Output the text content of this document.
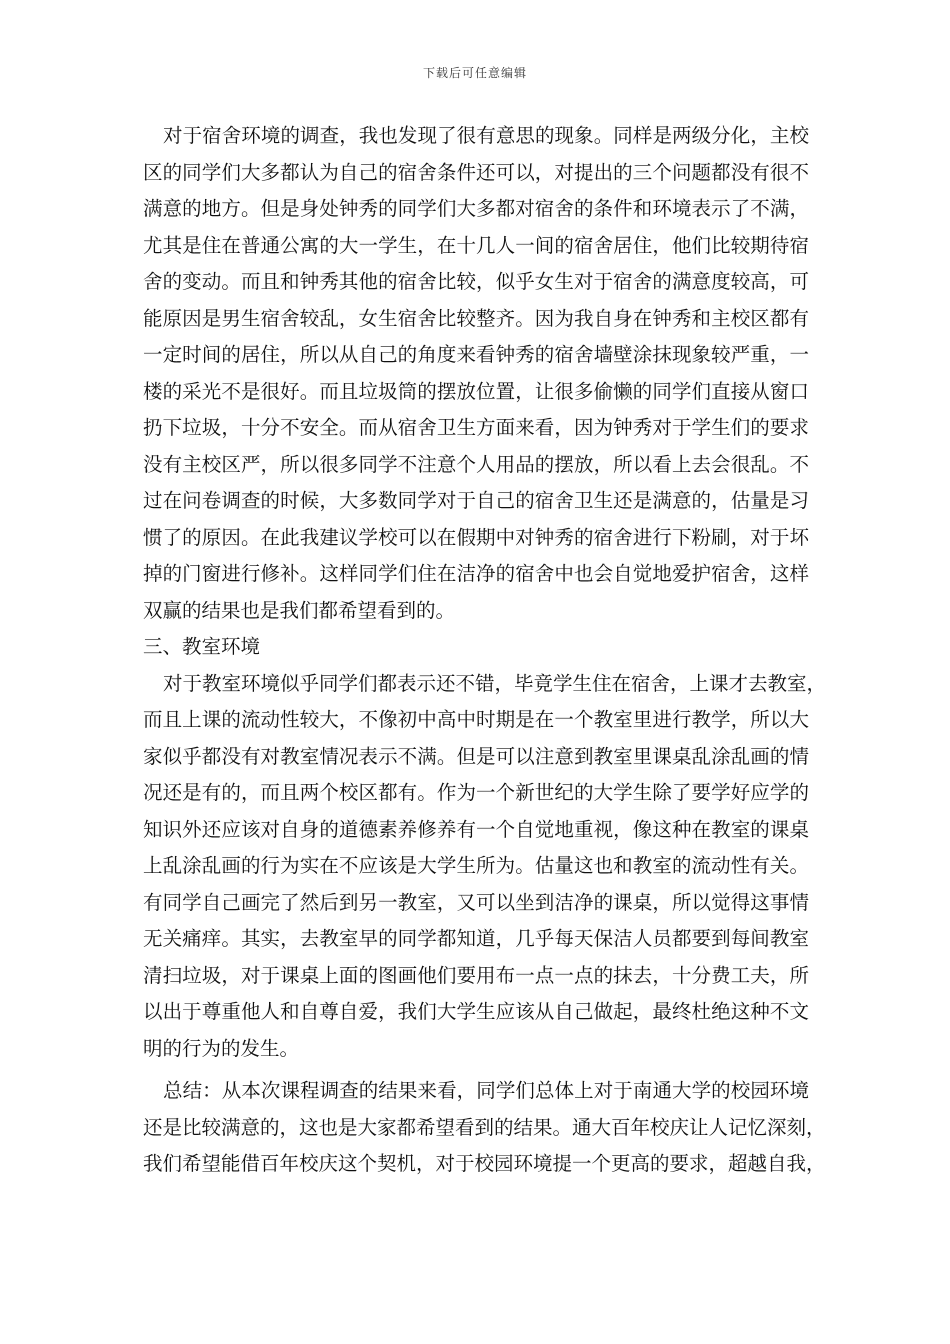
下载后可任意编辑
对于宿舍环境的调查，我也发现了很有意思的现象。同样是两级分化，主校
区的同学们大多都认为自己的宿舍条件还可以，对提出的三个问题都没有很不
满意的地方。但是身处钟秀的同学们大多都对宿舍的条件和环境表示了不满，
尤其是住在普通公寓的大一学生，在十几人一间的宿舍居住，他们比较期待宿
舍的变动。而且和钟秀其他的宿舍比较，似乎女生对于宿舍的满意度较高，可
能原因是男生宿舍较乱，女生宿舍比较整齐。因为我自身在钟秀和主校区都有
一定时间的居住，所以从自己的角度来看钟秀的宿舍墙壁涂抹现象较严重，一
楼的采光不是很好。而且垃圾筒的摆放位置，让很多偷懒的同学们直接从窗口
扔下垃圾，十分不安全。而从宿舍卫生方面来看，因为钟秀对于学生们的要求
没有主校区严，所以很多同学不注意个人用品的摆放，所以看上去会很乱。不
过在问卷调查的时候，大多数同学对于自己的宿舍卫生还是满意的，估量是习
惯了的原因。在此我建议学校可以在假期中对钟秀的宿舍进行下粉刷，对于坏
掉的门窗进行修补。这样同学们住在洁净的宿舍中也会自觉地爱护宿舍，这样
双赢的结果也是我们都希望看到的。
三、教室环境
对于教室环境似乎同学们都表示还不错，毕竟学生住在宿舍，上课才去教室，
而且上课的流动性较大，不像初中高中时期是在一个教室里进行教学，所以大
家似乎都没有对教室情况表示不满。但是可以注意到教室里课桌乱涂乱画的情
况还是有的，而且两个校区都有。作为一个新世纪的大学生除了要学好应学的
知识外还应该对自身的道德素养修养有一个自觉地重视，像这种在教室的课桌
上乱涂乱画的行为实在不应该是大学生所为。估量这也和教室的流动性有关。
有同学自己画完了然后到另一教室，又可以坐到洁净的课桌，所以觉得这事情
无关痛痒。其实，去教室早的同学都知道，几乎每天保洁人员都要到每间教室
清扫垃圾，对于课桌上面的图画他们要用布一点一点的抹去，十分费工夫，所
以出于尊重他人和自尊自爱，我们大学生应该从自己做起，最终杜绝这种不文
明的行为的发生。
总结：从本次课程调查的结果来看，同学们总体上对于南通大学的校园环境
还是比较满意的，这也是大家都希望看到的结果。通大百年校庆让人记忆深刻，
我们希望能借百年校庆这个契机，对于校园环境提一个更高的要求，超越自我，
